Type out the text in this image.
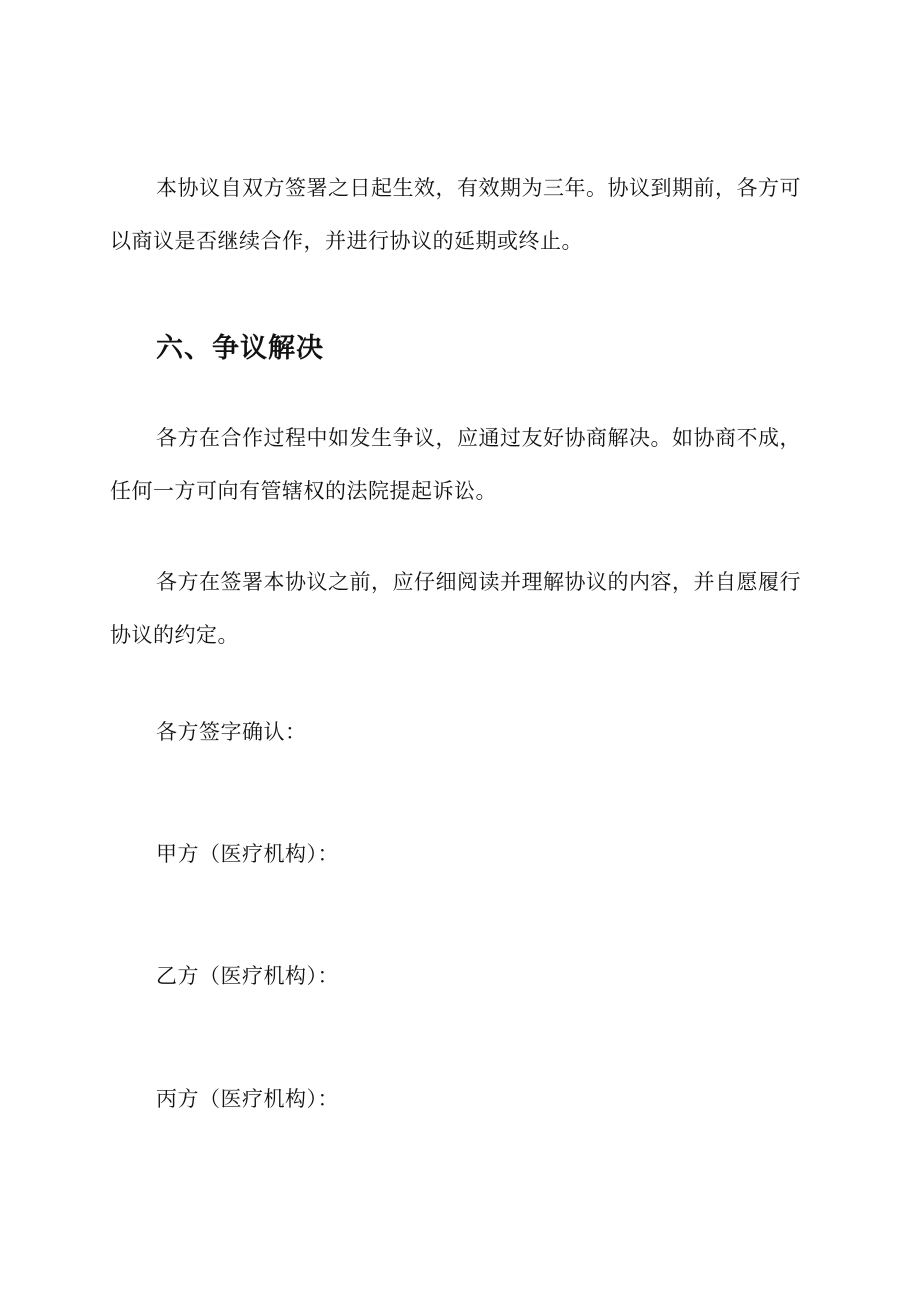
本协议自双方签署之日起生效，有效期为三年。协议到期前，各方可以商议是否继续合作，并进行协议的延期或终止。

六、争议解决

各方在合作过程中如发生争议，应通过友好协商解决。如协商不成，任何一方可向有管辖权的法院提起诉讼。

各方在签署本协议之前，应仔细阅读并理解协议的内容，并自愿履行协议的约定。

各方签字确认：

甲方（医疗机构）：

乙方（医疗机构）：

丙方（医疗机构）：
